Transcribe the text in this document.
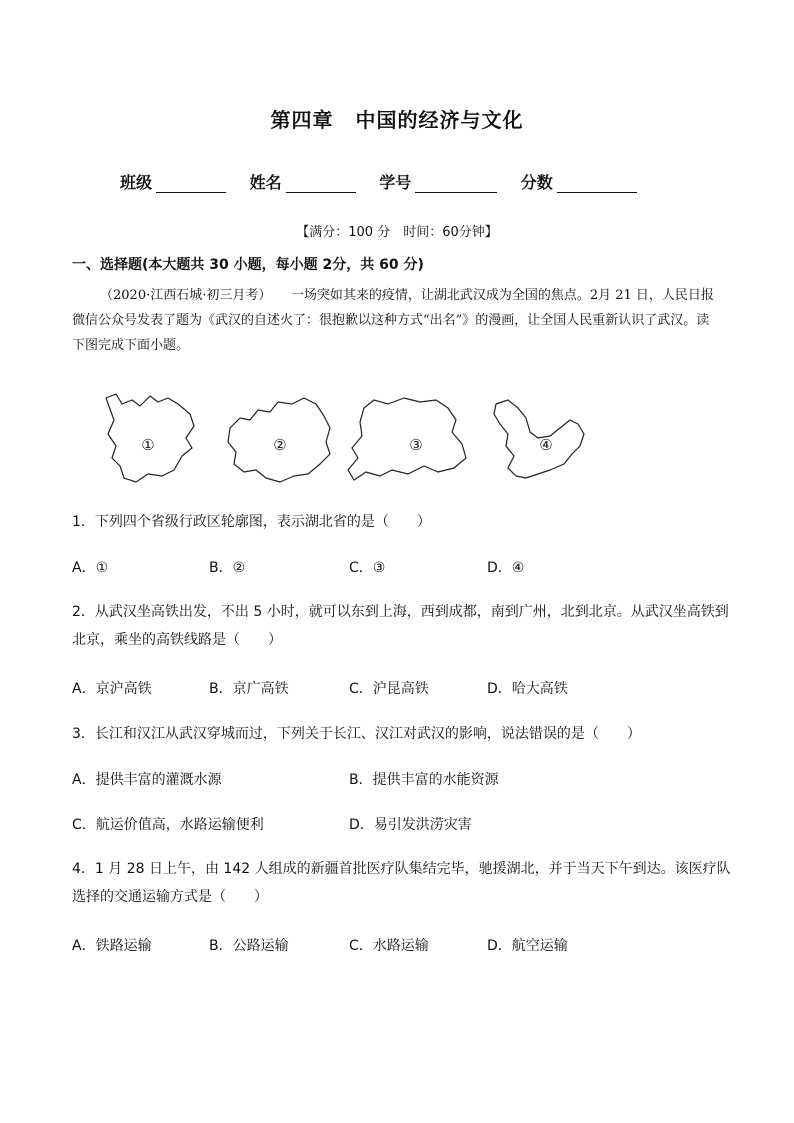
第四章 中国的经济与文化
班级	姓名	学号	分数
【满分：100 分　时间：60分钟】
一、选择题(本大题共 30 小题，每小题 2分，共 60 分)
（2020·江西石城·初三月考）　　一场突如其来的疫情，让湖北武汉成为全国的焦点。2月 21 日，人民日报微信公众号发表了题为《武汉的自述火了：很抱歉以这种方式“出名”》的漫画，让全国人民重新认识了武汉。读下图完成下面小题。
①	②	③	④
1．下列四个省级行政区轮廓图，表示湖北省的是（　　）
A．①	B．②	C．③	D．④
2．从武汉坐高铁出发，不出 5 小时，就可以东到上海，西到成都，南到广州，北到北京。从武汉坐高铁到北京，乘坐的高铁线路是（　　）
A．京沪高铁	B．京广高铁	C．沪昆高铁	D．哈大高铁
3．长江和汉江从武汉穿城而过，下列关于长江、汉江对武汉的影响，说法错误的是（　　）
A．提供丰富的灌溉水源	B．提供丰富的水能资源
C．航运价值高，水路运输便利	D．易引发洪涝灾害
4．1 月 28 日上午，由 142 人组成的新疆首批医疗队集结完毕，驰援湖北，并于当天下午到达。该医疗队选择的交通运输方式是（　　）
A．铁路运输	B．公路运输	C．水路运输	D．航空运输
